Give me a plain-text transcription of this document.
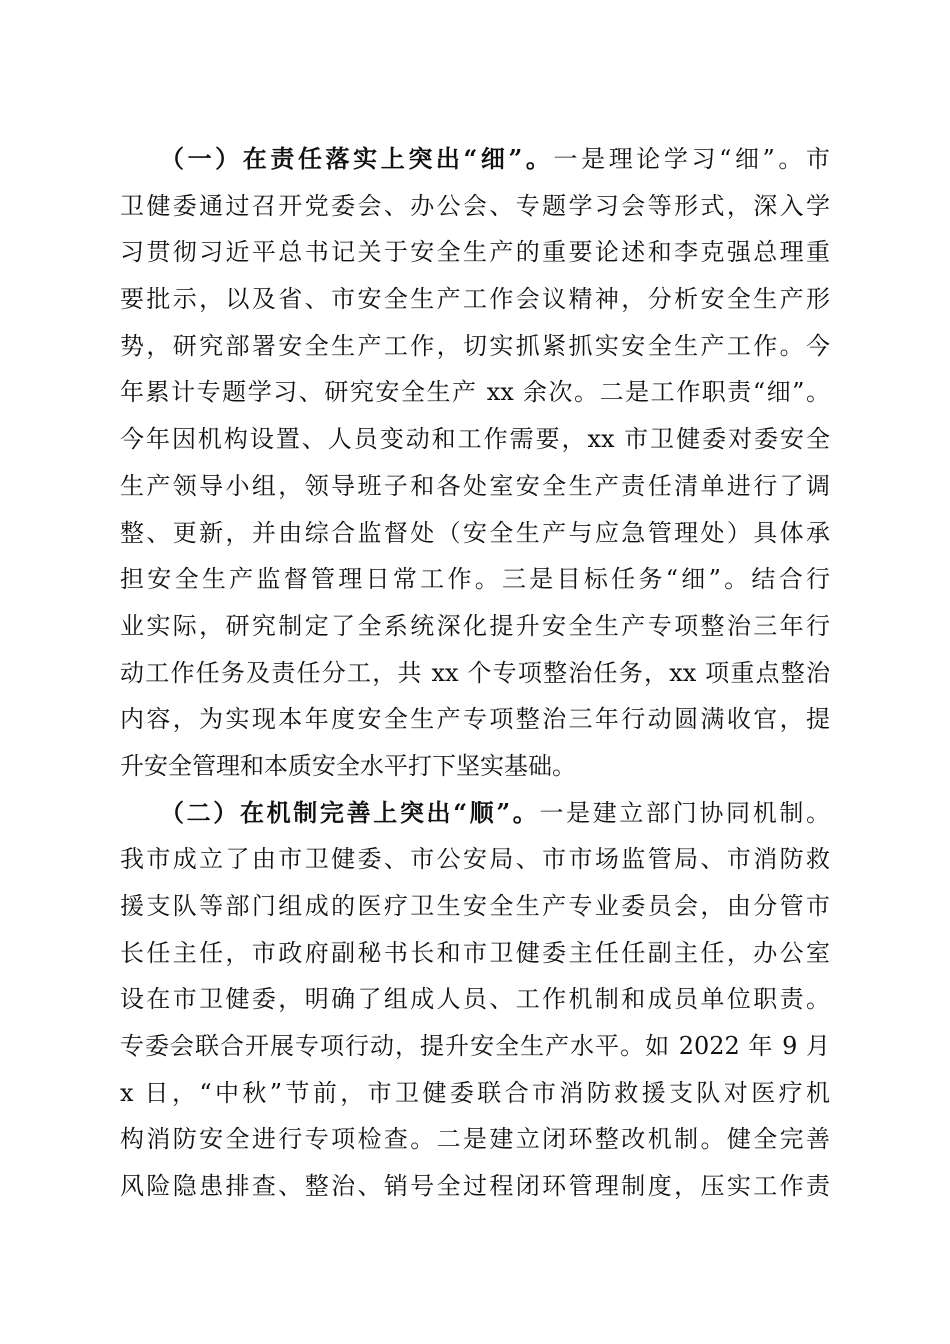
（一）在责任落实上突出“细”。一是理论学习“细”。市
卫健委通过召开党委会、办公会、专题学习会等形式，深入学
习贯彻习近平总书记关于安全生产的重要论述和李克强总理重
要批示，以及省、市安全生产工作会议精神，分析安全生产形
势，研究部署安全生产工作，切实抓紧抓实安全生产工作。今
年累计专题学习、研究安全生产 xx 余次。二是工作职责“细”。
今年因机构设置、人员变动和工作需要，xx 市卫健委对委安全
生产领导小组，领导班子和各处室安全生产责任清单进行了调
整、更新，并由综合监督处（安全生产与应急管理处）具体承
担安全生产监督管理日常工作。三是目标任务“细”。结合行
业实际，研究制定了全系统深化提升安全生产专项整治三年行
动工作任务及责任分工，共 xx 个专项整治任务，xx 项重点整治
内容，为实现本年度安全生产专项整治三年行动圆满收官，提
升安全管理和本质安全水平打下坚实基础。
（二）在机制完善上突出“顺”。一是建立部门协同机制。
我市成立了由市卫健委、市公安局、市市场监管局、市消防救
援支队等部门组成的医疗卫生安全生产专业委员会，由分管市
长任主任，市政府副秘书长和市卫健委主任任副主任，办公室
设在市卫健委，明确了组成人员、工作机制和成员单位职责。
专委会联合开展专项行动，提升安全生产水平。如 2022 年 9 月
x 日，“中秋”节前，市卫健委联合市消防救援支队对医疗机
构消防安全进行专项检查。二是建立闭环整改机制。健全完善
风险隐患排查、整治、销号全过程闭环管理制度，压实工作责
